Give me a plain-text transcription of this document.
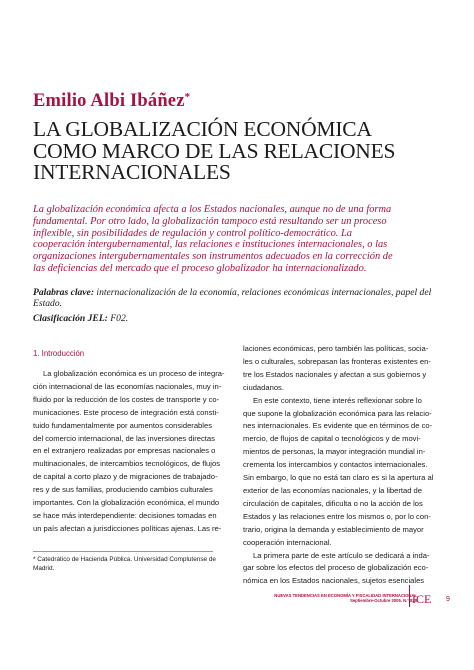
Emilio Albi Ibáñez*
LA GLOBALIZACIÓN ECONÓMICA
COMO MARCO DE LAS RELACIONES
INTERNACIONALES
La globalización económica afecta a los Estados nacionales, aunque no de una forma
fundamental. Por otro lado, la globalización tampoco está resultando ser un proceso
inflexible, sin posibilidades de regulación y control político-democrático. La
cooperación intergubernamental, las relaciones e instituciones internacionales, o las
organizaciones intergubernamentales son instrumentos adecuados en la corrección de
las deficiencias del mercado que el proceso globalizador ha internacionalizado.
Palabras clave: internacionalización de la economía, relaciones económicas internacionales, papel del
Estado.
Clasificación JEL: F02.
1. Introducción
La globalización económica es un proceso de integra-
ción internacional de las economías nacionales, muy in-
fluido por la reducción de los costes de transporte y co-
municaciones. Este proceso de integración está consti-
tuido fundamentalmente por aumentos considerables
del comercio internacional, de las inversiones directas
en el extranjero realizadas por empresas nacionales o
multinacionales, de intercambios tecnológicos, de flujos
de capital a corto plazo y de migraciones de trabajado-
res y de sus familias, produciendo cambios culturales
importantes. Con la globalización económica, el mundo
se hace más interdependiente: decisiones tomadas en
un país afectan a jurisdicciones políticas ajenas. Las re-
laciones económicas, pero también las políticas, socia-
les o culturales, sobrepasan las fronteras existentes en-
tre los Estados nacionales y afectan a sus gobiernos y
ciudadanos.
En este contexto, tiene interés reflexionar sobre lo
que supone la globalización económica para las relacio-
nes internacionales. Es evidente que en términos de co-
mercio, de flujos de capital o tecnológicos y de movi-
mientos de personas, la mayor integración mundial in-
crementa los intercambios y contactos internacionales.
Sin embargo, lo que no está tan claro es si la apertura al
exterior de las economías nacionales, y la libertad de
circulación de capitales, dificulta o no la acción de los
Estados y las relaciones entre los mismos o, por lo con-
trario, origina la demanda y establecimiento de mayor
cooperación internacional.
La primera parte de este artículo se dedicará a inda-
gar sobre los efectos del proceso de globalización eco-
nómica en los Estados nacionales, sujetos esenciales
* Catedrático de Hacienda Pública. Universidad Complutense de
Madrid.
NUEVAS TENDENCIAS EN ECONOMÍA Y FISCALIDAD INTERNACIONAL
Septiembre-Octubre 2005. N.º 825
ICE 9
